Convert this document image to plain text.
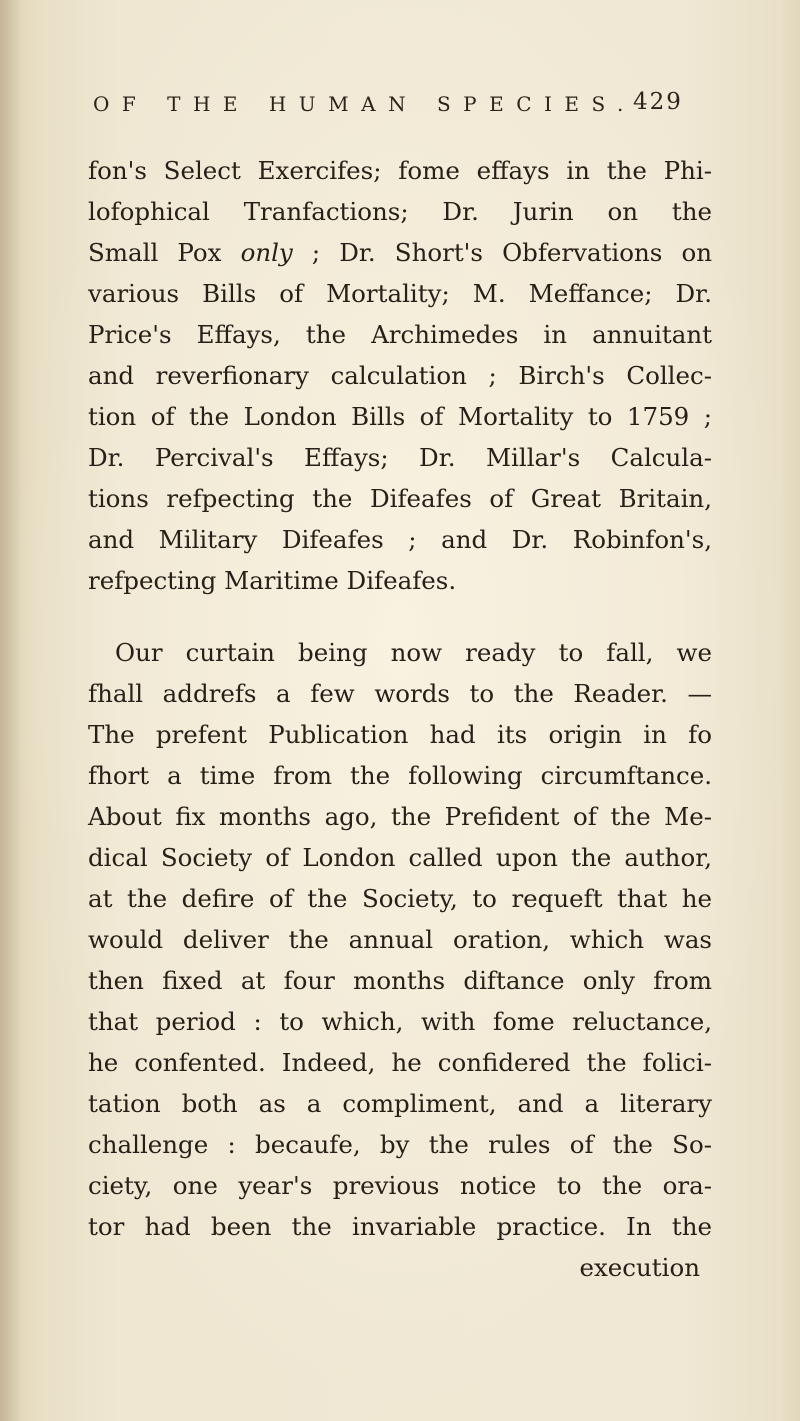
OF THE HUMAN SPECIES.
429
fon's Select Exercifes; fome effays in the Phi-
lofophical Tranfactions; Dr. Jurin on the
Small Pox only ; Dr. Short's Obfervations on
various Bills of Mortality; M. Meffance; Dr.
Price's Effays, the Archimedes in annuitant
and reverfionary calculation ; Birch's Collec-
tion of the London Bills of Mortality to 1759 ;
Dr. Percival's Effays; Dr. Millar's Calcula-
tions refpecting the Difeafes of Great Britain,
and Military Difeafes ; and Dr. Robinfon's,
refpecting Maritime Difeafes.
Our curtain being now ready to fall, we
fhall addrefs a few words to the Reader. —
The prefent Publication had its origin in fo
fhort a time from the following circumftance.
About fix months ago, the Prefident of the Me-
dical Society of London called upon the author,
at the defire of the Society, to requeft that he
would deliver the annual oration, which was
then fixed at four months diftance only from
that period : to which, with fome reluctance,
he confented. Indeed, he confidered the folici-
tation both as a compliment, and a literary
challenge : becaufe, by the rules of the So-
ciety, one year's previous notice to the ora-
tor had been the invariable practice. In the
execution
